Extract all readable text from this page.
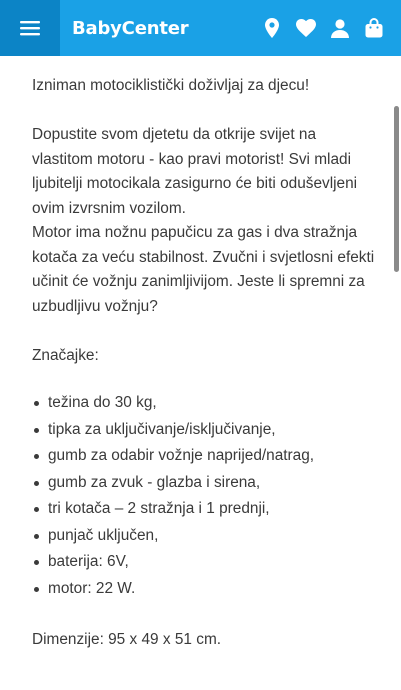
BabyCenter

Izniman motociklistički doživljaj za djecu!

Dopustite svom djetetu da otkrije svijet na vlastitom motoru - kao pravi motorist! Svi mladi ljubitelji motocikala zasigurno će biti oduševljeni ovim izvrsnim vozilom.

Motor ima nožnu papučicu za gas i dva stražnja kotača za veću stabilnost. Zvučni i svjetlosni efekti učinit će vožnju zanimljivijom. Jeste li spremni za uzbudljivu vožnju?

Značajke:

težina do 30 kg,
tipka za uključivanje/isključivanje,
gumb za odabir vožnje naprijed/natrag,
gumb za zvuk - glazba i sirena,
tri kotača – 2 stražnja i 1 prednji,
punjač uključen,
baterija: 6V,
motor: 22 W.

Dimenzije: 95 x 49 x 51 cm.
